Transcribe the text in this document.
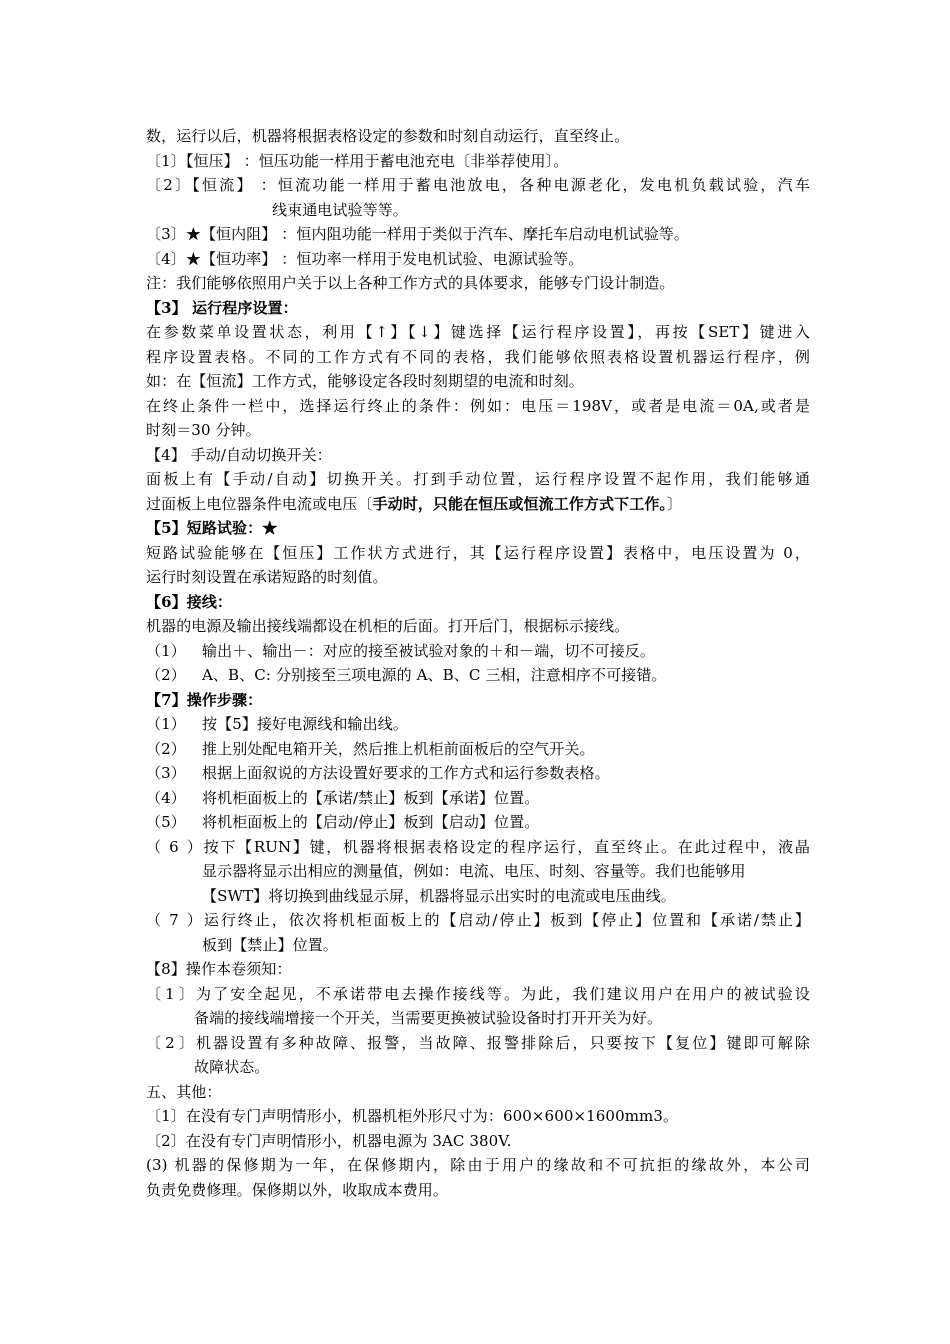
数，运行以后，机器将根据表格设定的参数和时刻自动运行，直至终止。
〔1〕【恒压】 ：恒压功能一样用于蓄电池充电〔非举荐使用〕。
〔2〕【恒流】 ：恒流功能一样用于蓄电池放电，各种电源老化，发电机负载试验，汽车
线束通电试验等等。
〔3〕★【恒内阻】 ：恒内阻功能一样用于类似于汽车、摩托车启动电机试验等。
〔4〕★【恒功率】 ：恒功率一样用于发电机试验、电源试验等。
注：我们能够依照用户关于以上各种工作方式的具体要求，能够专门设计制造。
【3】 运行程序设置：
在参数菜单设置状态，利用【↑】【↓】键选择【运行程序设置】，再按【SET】键进入
程序设置表格。不同的工作方式有不同的表格，我们能够依照表格设置机器运行程序，例
如：在【恒流】工作方式，能够设定各段时刻期望的电流和时刻。
在终止条件一栏中，选择运行终止的条件：例如：电压＝198V，或者是电流＝0A,或者是
时刻＝30 分钟。
【4】 手动/自动切换开关：
面板上有【手动/自动】切换开关。打到手动位置，运行程序设置不起作用，我们能够通
过面板上电位器条件电流或电压〔手动时，只能在恒压或恒流工作方式下工作。〕
【5】短路试验：★
短路试验能够在【恒压】工作状方式进行，其【运行程序设置】表格中，电压设置为 0，
运行时刻设置在承诺短路的时刻值。
【6】接线：
机器的电源及输出接线端都设在机柜的后面。打开后门，根据标示接线。
（1） 输出＋、输出－：对应的接至被试验对象的＋和－端，切不可接反。
（2） A、B、C: 分别接至三项电源的 A、B、C 三相，注意相序不可接错。
【7】操作步骤：
（1） 按【5】接好电源线和输出线。
（2） 推上别处配电箱开关，然后推上机柜前面板后的空气开关。
（3） 根据上面叙说的方法设置好要求的工作方式和运行参数表格。
（4） 将机柜面板上的【承诺/禁止】板到【承诺】位置。
（5） 将机柜面板上的【启动/停止】板到【启动】位置。
（6）按下【RUN】键，机器将根据表格设定的程序运行，直至终止。在此过程中，液晶
显示器将显示出相应的测量值，例如：电流、电压、时刻、容量等。我们也能够用
【SWT】将切换到曲线显示屏，机器将显示出实时的电流或电压曲线。
（7）运行终止，依次将机柜面板上的【启动/停止】板到【停止】位置和【承诺/禁止】
板到【禁止】位置。
【8】操作本卷须知：
〔1〕为了安全起见，不承诺带电去操作接线等。为此，我们建议用户在用户的被试验设
备端的接线端增接一个开关，当需要更换被试验设备时打开开关为好。
〔2〕机器设置有多种故障、报警，当故障、报警排除后，只要按下【复位】键即可解除
故障状态。
五、其他：
〔1〕在没有专门声明情形小，机器机柜外形尺寸为：600×600×1600mm3。
〔2〕在没有专门声明情形小，机器电源为 3AC 380V.
(3) 机器的保修期为一年，在保修期内，除由于用户的缘故和不可抗拒的缘故外，本公司
负责免费修理。保修期以外，收取成本费用。
